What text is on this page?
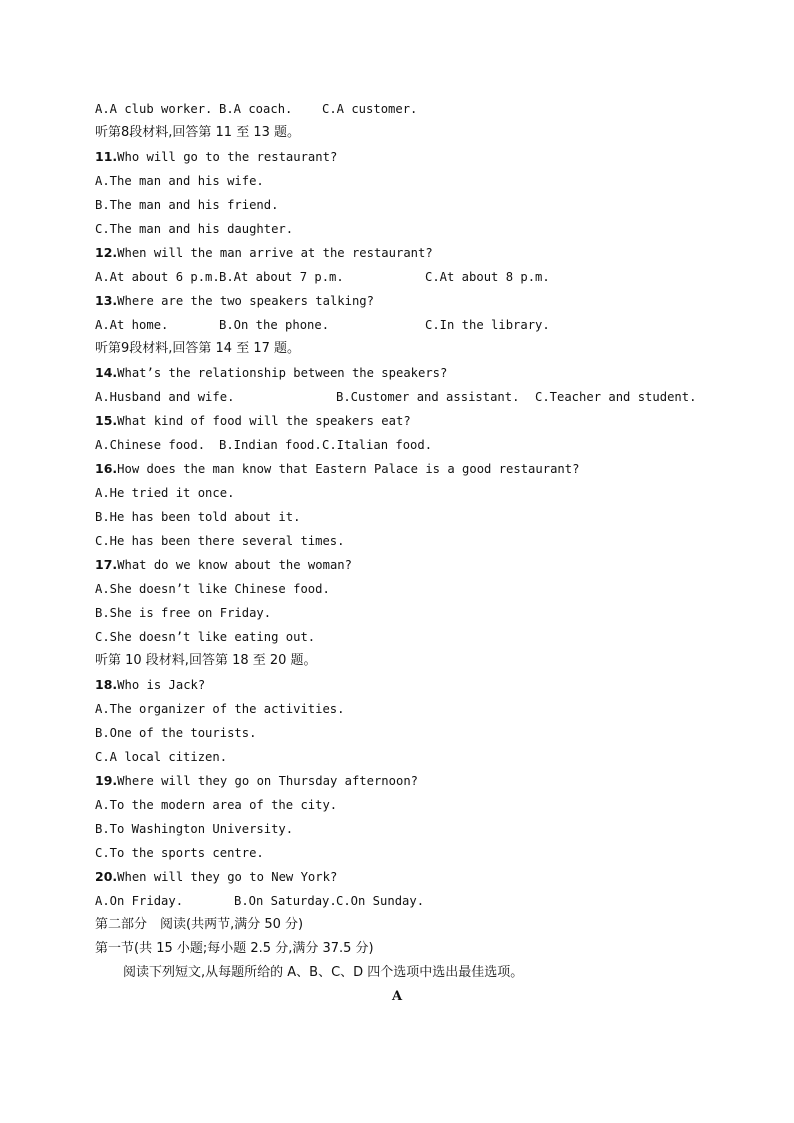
A.A club worker.

B.A coach.

C.A customer.

听第8段材料,回答第 11 至 13 题。
11.Who will go to the restaurant?
A.The man and his wife.
B.The man and his friend.
C.The man and his daughter.
12.When will the man arrive at the restaurant?

A.At about 6 p.m.

B.At about 7 p.m.

	C.At about 8 p.m.

13.Where are the two speakers talking?

A.At home.

	B.On the phone.

	C.In the library.

听第9段材料,回答第 14 至 17 题。
14.What’s the relationship between the speakers?

A.Husband and wife.

	B.Customer and assistant.

C.Teacher and student.

15.What kind of food will the speakers eat?

A.Chinese food.

B.Indian food.

C.Italian food.

16.How does the man know that Eastern Palace is a good restaurant?
A.He tried it once.
B.He has been told about it.
C.He has been there several times.
17.What do we know about the woman?
A.She doesn’t like Chinese food.
B.She is free on Friday.
C.She doesn’t like eating out.
听第 10 段材料,回答第 18 至 20 题。
18.Who is Jack?
A.The organizer of the activities.
B.One of the tourists.
C.A local citizen.
19.Where will they go on Thursday afternoon?
A.To the modern area of the city.
B.To Washington University.
C.To the sports centre.
20.When will they go to New York?

A.On Friday.

	B.On Saturday.

C.On Sunday.

第二部分　阅读(共两节,满分 50 分)
第一节(共 15 小题;每小题 2.5 分,满分 37.5 分)
阅读下列短文,从每题所给的 A、B、C、D 四个选项中选出最佳选项。
A
